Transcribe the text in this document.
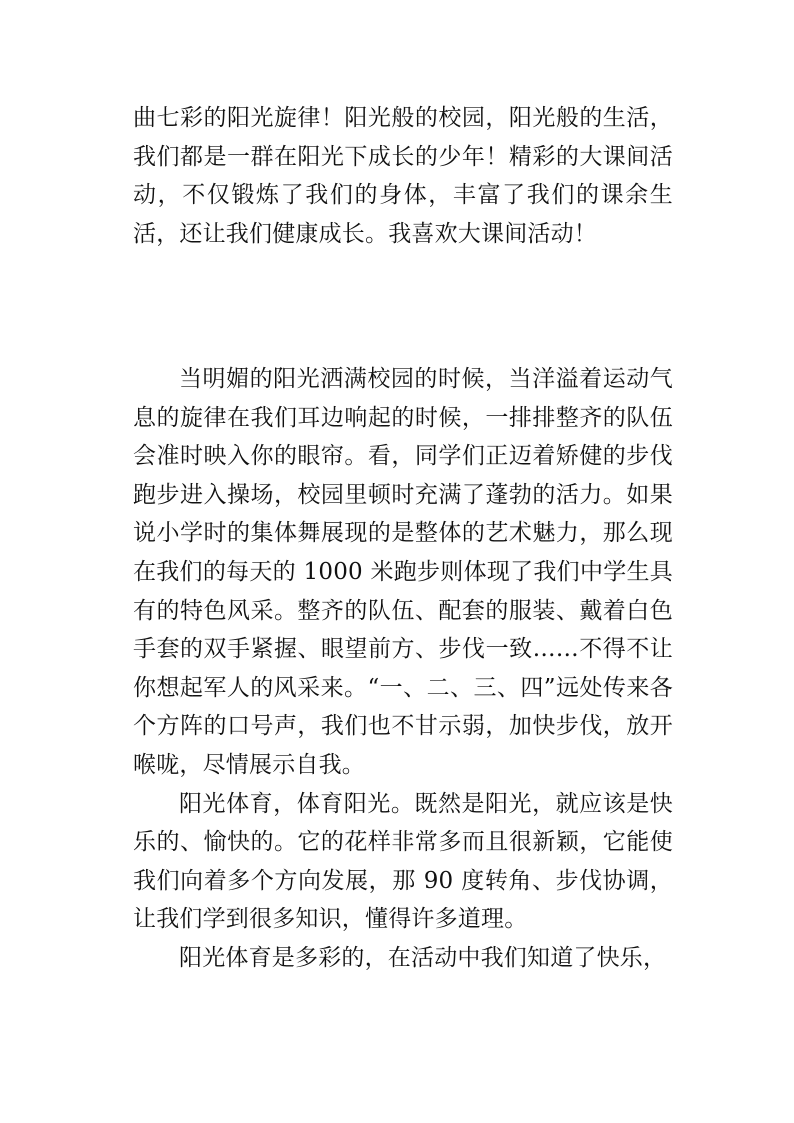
曲七彩的阳光旋律！阳光般的校园，阳光般的生活，我们都是一群在阳光下成长的少年！精彩的大课间活动，不仅锻炼了我们的身体，丰富了我们的课余生活，还让我们健康成长。我喜欢大课间活动！

当明媚的阳光洒满校园的时候，当洋溢着运动气息的旋律在我们耳边响起的时候，一排排整齐的队伍会准时映入你的眼帘。看，同学们正迈着矫健的步伐跑步进入操场，校园里顿时充满了蓬勃的活力。如果说小学时的集体舞展现的是整体的艺术魅力，那么现在我们的每天的 1000 米跑步则体现了我们中学生具有的特色风采。整齐的队伍、配套的服装、戴着白色手套的双手紧握、眼望前方、步伐一致……不得不让你想起军人的风采来。“一、二、三、四”远处传来各个方阵的口号声，我们也不甘示弱，加快步伐，放开喉咙，尽情展示自我。

阳光体育，体育阳光。既然是阳光，就应该是快乐的、愉快的。它的花样非常多而且很新颖，它能使我们向着多个方向发展，那 90 度转角、步伐协调，让我们学到很多知识，懂得许多道理。

阳光体育是多彩的，在活动中我们知道了快乐，
